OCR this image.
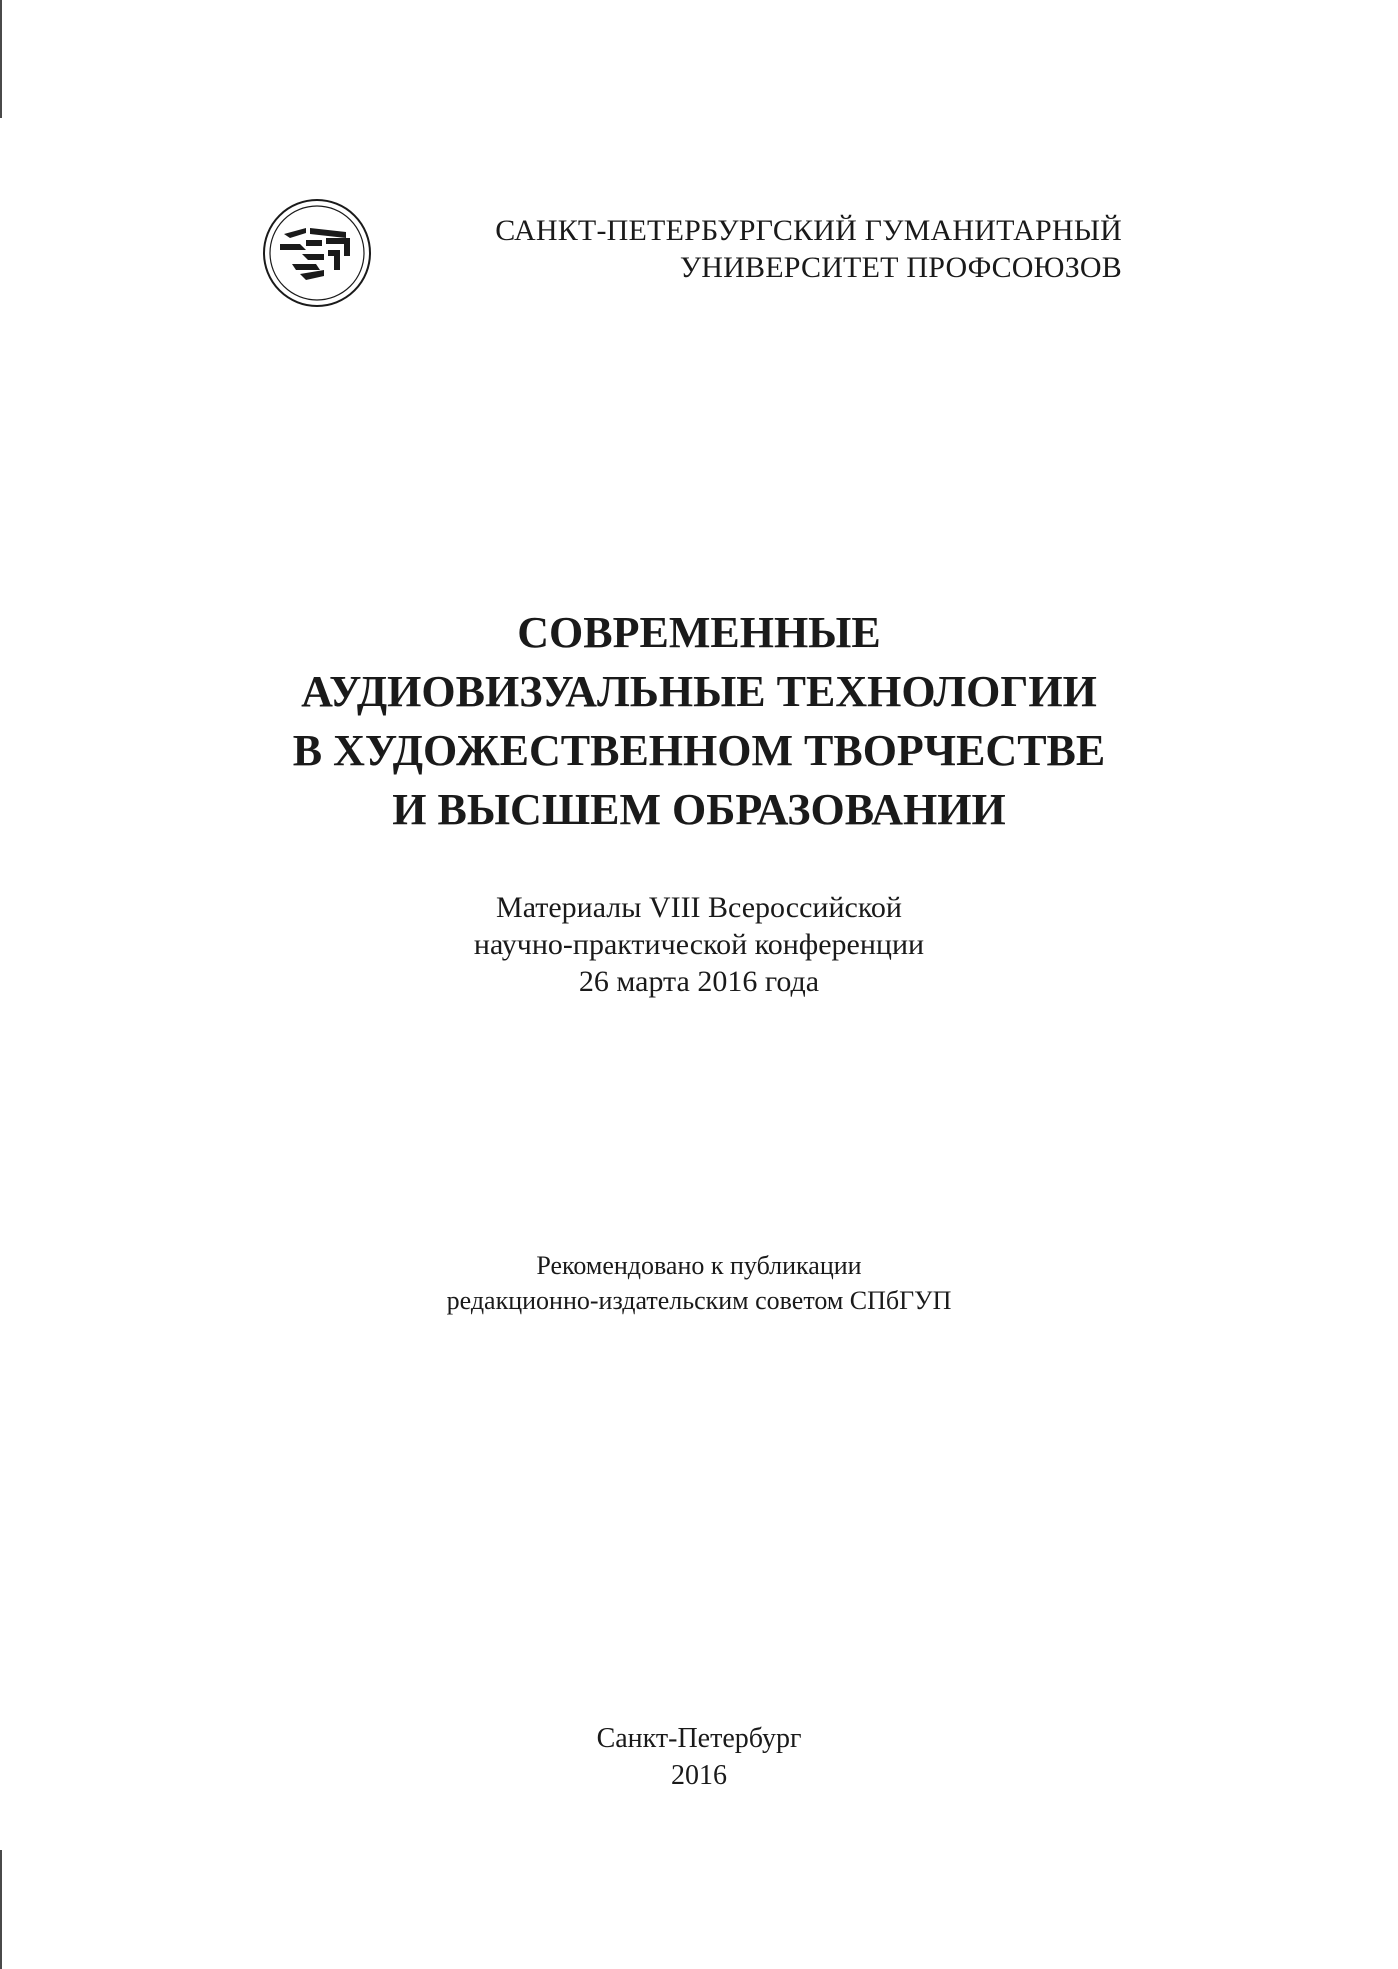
САНКТ-ПЕТЕРБУРГСКИЙ ГУМАНИТАРНЫЙ
УНИВЕРСИТЕТ ПРОФСОЮЗОВ
СОВРЕМЕННЫЕ
АУДИОВИЗУАЛЬНЫЕ ТЕХНОЛОГИИ
В ХУДОЖЕСТВЕННОМ ТВОРЧЕСТВЕ
И ВЫСШЕМ ОБРАЗОВАНИИ
Материалы VIII Всероссийской
научно-практической конференции
26 марта 2016 года
Рекомендовано к публикации
редакционно-издательским советом СПбГУП
Санкт-Петербург
2016
